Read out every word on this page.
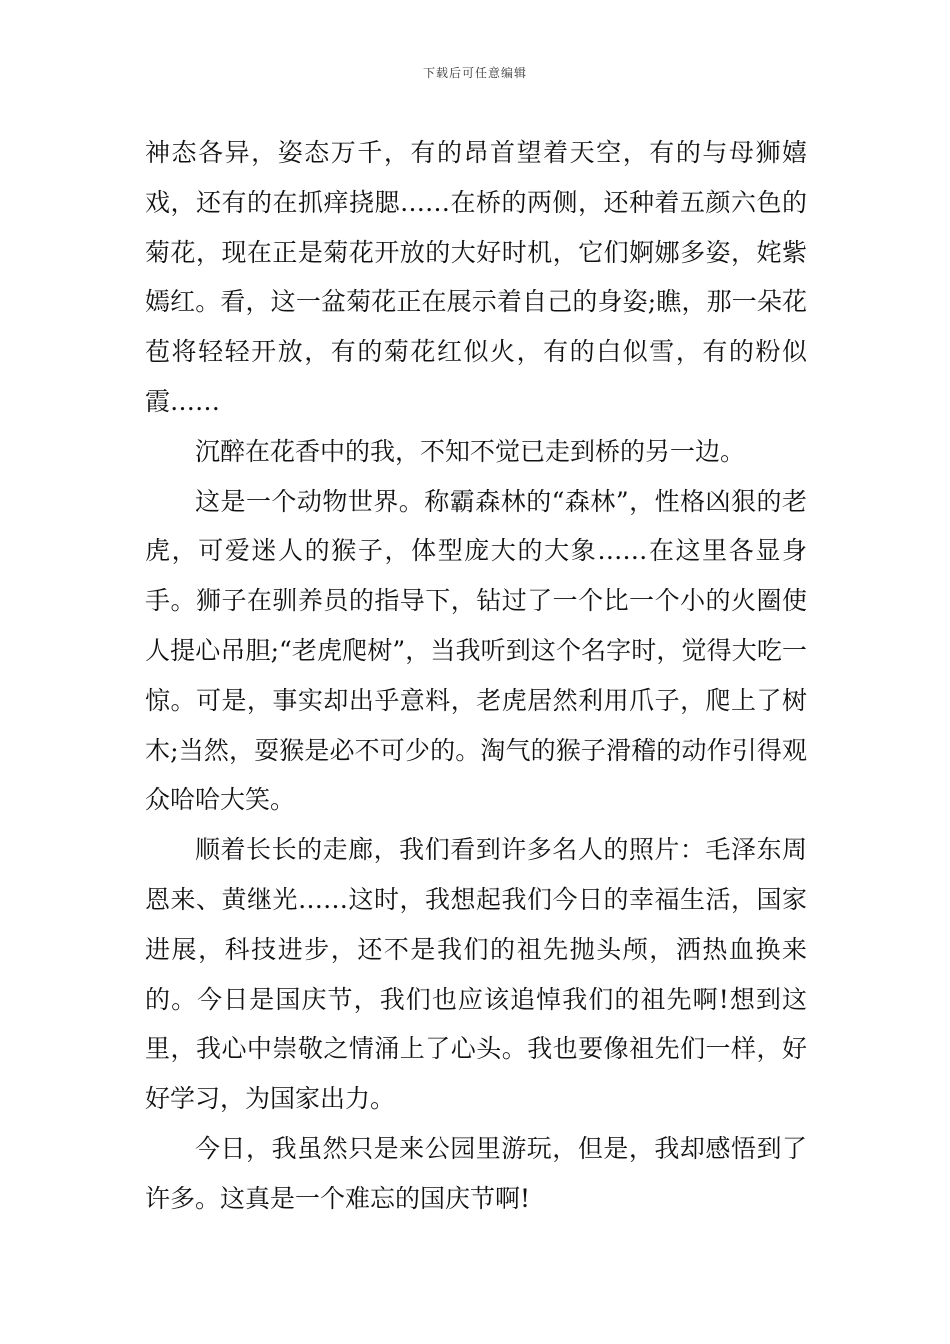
下载后可任意编辑

神态各异，姿态万千，有的昂首望着天空，有的与母狮嬉戏，还有的在抓痒挠腮……在桥的两侧，还种着五颜六色的菊花，现在正是菊花开放的大好时机，它们婀娜多姿，姹紫嫣红。看，这一盆菊花正在展示着自己的身姿;瞧，那一朵花苞将轻轻开放，有的菊花红似火，有的白似雪，有的粉似霞……

沉醉在花香中的我，不知不觉已走到桥的另一边。

这是一个动物世界。称霸森林的“森林”，性格凶狠的老虎，可爱迷人的猴子，体型庞大的大象……在这里各显身手。狮子在驯养员的指导下，钻过了一个比一个小的火圈使人提心吊胆;“老虎爬树”，当我听到这个名字时，觉得大吃一惊。可是，事实却出乎意料，老虎居然利用爪子，爬上了树木;当然，耍猴是必不可少的。淘气的猴子滑稽的动作引得观众哈哈大笑。

顺着长长的走廊，我们看到许多名人的照片：毛泽东周恩来、黄继光……这时，我想起我们今日的幸福生活，国家进展，科技进步，还不是我们的祖先抛头颅，洒热血换来的。今日是国庆节，我们也应该追悼我们的祖先啊!想到这里，我心中崇敬之情涌上了心头。我也要像祖先们一样，好好学习，为国家出力。

今日，我虽然只是来公园里游玩，但是，我却感悟到了许多。这真是一个难忘的国庆节啊!
